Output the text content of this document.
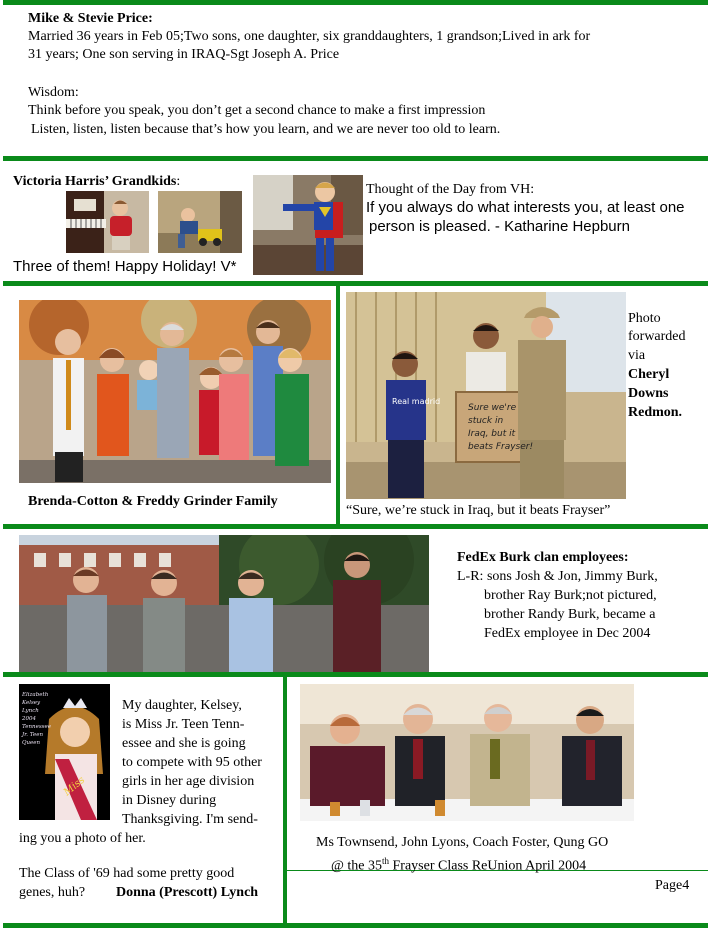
Mike & Stevie Price:
Married 36 years in Feb 05;Two sons, one daughter, six granddaughters, 1 grandson;Lived in ark for
31 years; One son serving in IRAQ-Sgt Joseph A. Price
Wisdom:
Think before you speak, you don’t get a second chance to make a first impression
Listen, listen, listen because that’s how you learn, and we are never too old to learn.
Victoria Harris’ Grandkids:
Three of them! Happy Holiday! V*
Thought of the Day from VH:
If you always do what interests you, at least one
person is pleased. - Katharine Hepburn
Brenda-Cotton & Freddy Grinder Family
Sure we're
stuck in
Iraq, but it
beats Frayser!
Real madrid
Photo
forwarded
via
Cheryl
Downs
Redmon.
“Sure, we’re stuck in Iraq, but it beats Frayser”
FedEx Burk clan employees:
L-R: sons Josh & Jon, Jimmy Burk,
brother Ray Burk;not pictured,
brother Randy Burk, became a
FedEx employee in Dec 2004
Elizabeth
Kelsey
Lynch
2004
Tennessee
Jr. Teen
Queen
Miss
My daughter, Kelsey,
is Miss Jr. Teen Tenn-
essee and she is going
to compete with 95 other
girls in her age division
in Disney during
Thanksgiving. I'm send-
ing you a photo of her.
The Class of '69 had some pretty good
genes, huh? Donna (Prescott) Lynch
Ms Townsend, John Lyons, Coach Foster, Qung GO
@ the 35th Frayser Class ReUnion April 2004
Page4
